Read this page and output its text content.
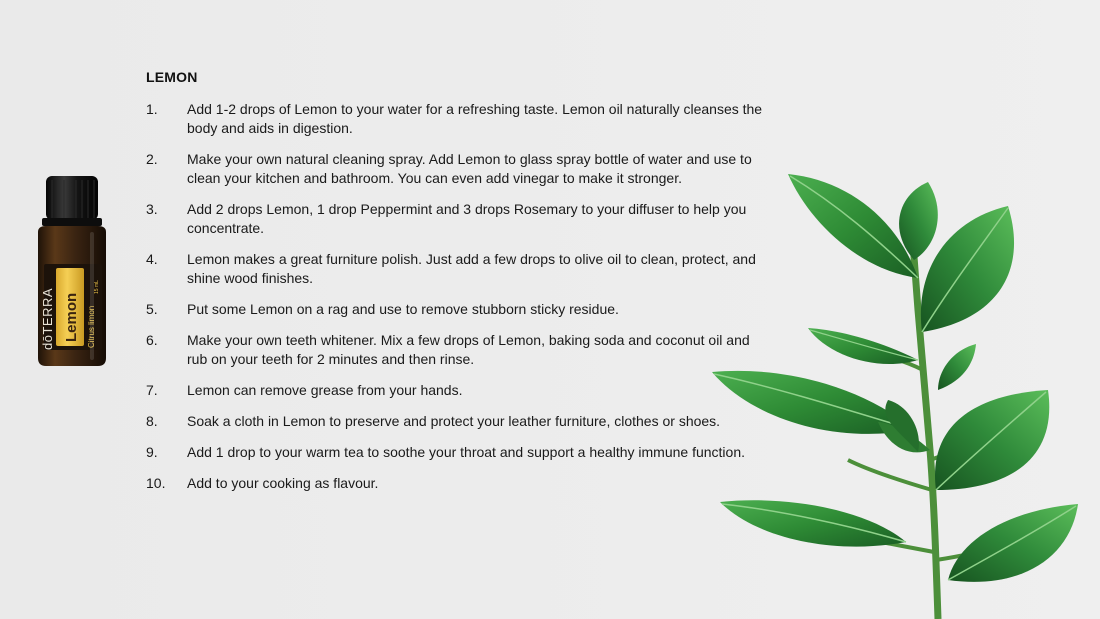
LEMON
1.	Add 1-2 drops of Lemon to your water for a refreshing taste. Lemon oil naturally cleanses the body and aids in digestion.
2.	Make your own natural cleaning spray. Add Lemon to glass spray bottle of water and use to clean your kitchen and bathroom. You can even add vinegar to make it stronger.
3.	Add 2 drops Lemon, 1 drop Peppermint and 3 drops Rosemary to your diffuser to help you concentrate.
4.	Lemon makes a great furniture polish. Just add a few drops to olive oil to clean, protect, and shine wood finishes.
5.	Put some Lemon on a rag and use to remove stubborn sticky residue.
6.	Make your own teeth whitener. Mix a few drops of Lemon, baking soda and coconut oil and rub on your teeth for 2 minutes and then rinse.
7.	Lemon can remove grease from your hands.
8.	Soak a cloth in Lemon to preserve and protect your leather furniture, clothes or shoes.
9.	Add 1 drop to your warm tea to soothe your throat and support a healthy immune function.
10.	Add to your cooking as flavour.
dōTERRA Lemon Citrus limon
15 mL
